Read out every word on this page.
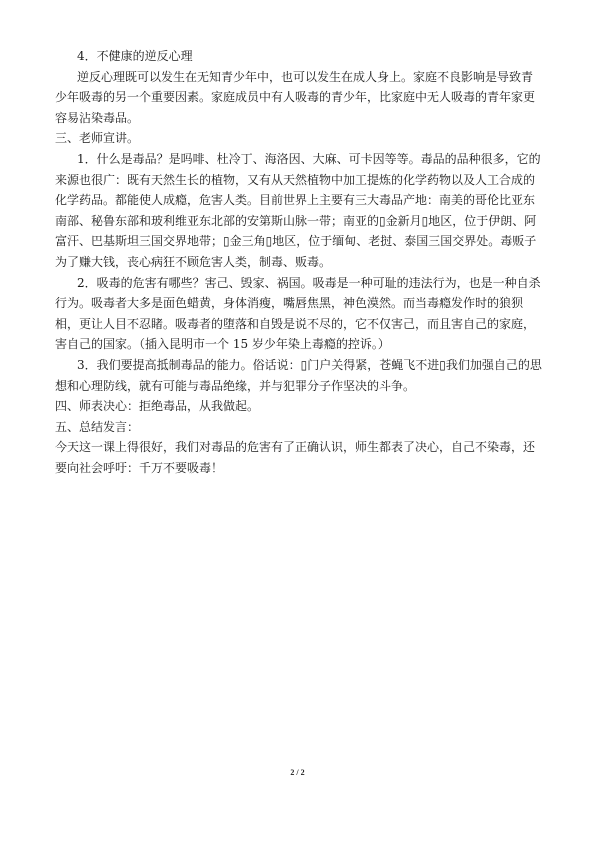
4．不健康的逆反心理
逆反心理既可以发生在无知青少年中，也可以发生在成人身上。家庭不良影响是导致青
少年吸毒的另一个重要因素。家庭成员中有人吸毒的青少年，比家庭中无人吸毒的青年家更
容易沾染毒品。
三、老师宣讲。
1．什么是毒品？是吗啡、杜冷丁、海洛因、大麻、可卡因等等。毒品的品种很多，它的
来源也很广：既有天然生长的植物，又有从天然植物中加工提炼的化学药物以及人工合成的
化学药品。都能使人成瘾，危害人类。目前世界上主要有三大毒品产地：南美的哥伦比亚东
南部、秘鲁东部和玻利维亚东北部的安第斯山脉一带；南亚的▯金新月▯地区，位于伊朗、阿
富汗、巴基斯坦三国交界地带；▯金三角▯地区，位于缅甸、老挝、泰国三国交界处。毒贩子
为了赚大钱，丧心病狂不顾危害人类，制毒、贩毒。
2．吸毒的危害有哪些？害己、毁家、祸国。吸毒是一种可耻的违法行为，也是一种自杀
行为。吸毒者大多是面色蜡黄，身体消瘦，嘴唇焦黑，神色漠然。而当毒瘾发作时的狼狈
相，更让人目不忍睹。吸毒者的堕落和自毁是说不尽的，它不仅害己，而且害自己的家庭，
害自己的国家。（插入昆明市一个 15 岁少年染上毒瘾的控诉。）
3．我们要提高抵制毒品的能力。俗话说：▯门户关得紧，苍蝇飞不进▯我们加强自己的思
想和心理防线，就有可能与毒品绝缘，并与犯罪分子作坚决的斗争。
四、师表决心：拒绝毒品，从我做起。
五、总结发言：
今天这一课上得很好，我们对毒品的危害有了正确认识，师生都表了决心，自己不染毒，还
要向社会呼吁：千万不要吸毒！
2 / 2
